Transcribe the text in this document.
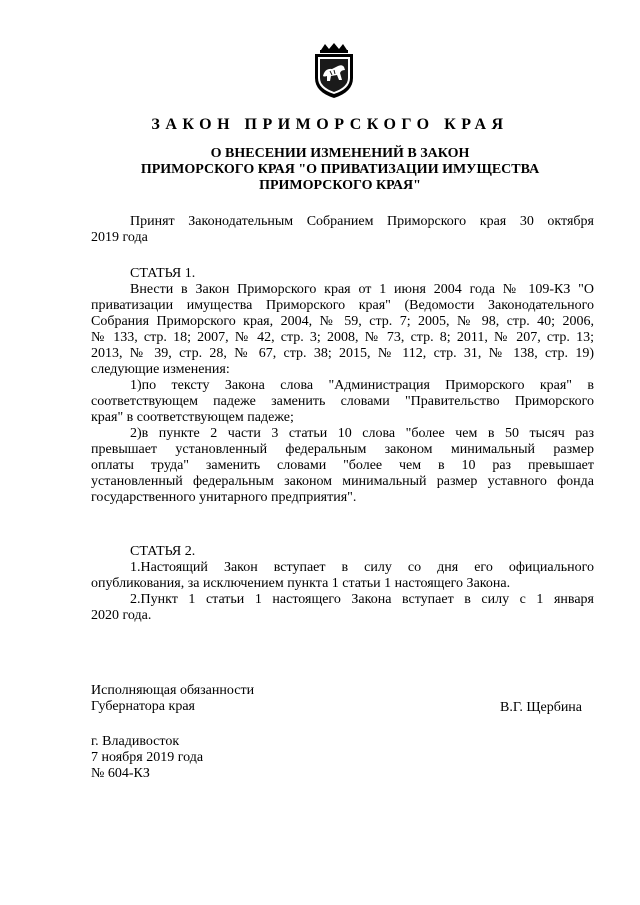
ЗАКОН ПРИМОРСКОГО КРАЯ
О ВНЕСЕНИИ ИЗМЕНЕНИЙ В ЗАКОН
ПРИМОРСКОГО КРАЯ "О ПРИВАТИЗАЦИИ ИМУЩЕСТВА
ПРИМОРСКОГО КРАЯ"
Принят Законодательным Собранием Приморского края 30 октября
2019 года
СТАТЬЯ 1.
Внести в Закон Приморского края от 1 июня 2004 года № 109-КЗ "О
приватизации имущества Приморского края" (Ведомости Законодательного
Собрания Приморского края, 2004, № 59, стр. 7; 2005, № 98, стр. 40; 2006,
№ 133, стр. 18; 2007, № 42, стр. 3; 2008, № 73, стр. 8; 2011, № 207, стр. 13;
2013, № 39, стр. 28, № 67, стр. 38; 2015, № 112, стр. 31, № 138, стр. 19)
следующие изменения:
1)по тексту Закона слова "Администрация Приморского края" в
соответствующем падеже заменить словами "Правительство Приморского
края" в соответствующем падеже;
2)в пункте 2 части 3 статьи 10 слова "более чем в 50 тысяч раз
превышает установленный федеральным законом минимальный размер
оплаты труда" заменить словами "более чем в 10 раз превышает
установленный федеральным законом минимальный размер уставного фонда
государственного унитарного предприятия".
СТАТЬЯ 2.
1.Настоящий Закон вступает в силу со дня его официального
опубликования, за исключением пункта 1 статьи 1 настоящего Закона.
2.Пункт 1 статьи 1 настоящего Закона вступает в силу с 1 января
2020 года.
Исполняющая обязанности
Губернатора края	В.Г. Щербина
г. Владивосток
7 ноября 2019 года
№ 604-КЗ
